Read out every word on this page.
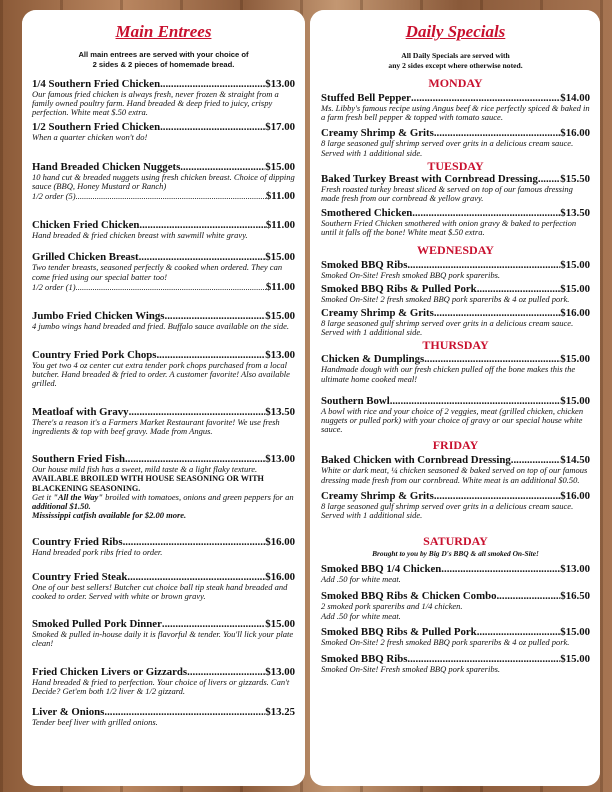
Main Entrees
All main entrees are served with your choice of
2 sides & 2 pieces of homemade bread.
1/4 Southern Fried Chicken .....	$13.00
Our famous fried chicken is always fresh, never frozen & straight from a family owned poultry farm. Hand breaded & deep fried to juicy, crispy perfection. White meat $.50 extra.
1/2 Southern Fried Chicken .....	$17.00
When a quarter chicken won't do!
Hand Breaded Chicken Nuggets .....	$15.00
10 hand cut & breaded nuggets using fresh chicken breast. Choice of dipping sauce (BBQ, Honey Mustard or Ranch)
1/2 order (5) .....	$11.00
Chicken Fried Chicken .....	$11.00
Hand breaded & fried chicken breast with sawmill white gravy.
Grilled Chicken Breast .....	$15.00
Two tender breasts, seasoned perfectly & cooked when ordered. They can come fried using our special batter too!
1/2 order (1) .....	$11.00
Jumbo Fried Chicken Wings .....	$15.00
4 jumbo wings hand breaded and fried. Buffalo sauce available on the side.
Country Fried Pork Chops .....	$13.00
You get two 4 oz center cut extra tender pork chops purchased from a local butcher. Hand breaded & fried to order. A customer favorite! Also available grilled.
Meatloaf with Gravy .....	$13.50
There's a reason it's a Farmers Market Restaurant favorite! We use fresh ingredients & top with beef gravy. Made from Angus.
Southern Fried Fish .....	$13.00
Our house mild fish has a sweet, mild taste & a light flaky texture.
AVAILABLE BROILED WITH HOUSE SEASONING OR WITH BLACKENING SEASONING.
Get it "All the Way" broiled with tomatoes, onions and green peppers for an additional $1.50.
Mississippi catfish available for $2.00 more.
Country Fried Ribs .....	$16.00
Hand breaded pork ribs fried to order.
Country Fried Steak .....	$16.00
One of our best sellers! Butcher cut choice ball tip steak hand breaded and cooked to order. Served with white or brown gravy.
Smoked Pulled Pork Dinner .....	$15.00
Smoked & pulled in-house daily it is flavorful & tender. You'll lick your plate clean!
Fried Chicken Livers or Gizzards .....	$13.00
Hand breaded & fried to perfection. Your choice of livers or gizzards. Can't Decide? Get'em both 1/2 liver & 1/2 gizzard.
Liver & Onions .....	$13.25
Tender beef liver with grilled onions.
Daily Specials
All Daily Specials are served with
any 2 sides except where otherwise noted.
MONDAY
Stuffed Bell Pepper .....	$14.00
Ms. Libby's famous recipe using Angus beef & rice perfectly spiced & baked in a farm fresh bell pepper & topped with tomato sauce.
Creamy Shrimp & Grits .....	$16.00
8 large seasoned gulf shrimp served over grits in a delicious cream sauce. Served with 1 additional side.
TUESDAY
Baked Turkey Breast with Cornbread Dressing ..... $15.50
Fresh roasted turkey breast sliced & served on top of our famous dressing made fresh from our cornbread & yellow gravy.
Smothered Chicken .....	$13.50
Southern Fried Chicken smothered with onion gravy & baked to perfection until it falls off the bone! White meat $.50 extra.
WEDNESDAY
Smoked BBQ Ribs .....	$15.00
Smoked On-Site! Fresh smoked BBQ pork spareribs.
Smoked BBQ Ribs & Pulled Pork .....	$15.00
Smoked On-Site! 2 fresh smoked BBQ pork spareribs & 4 oz pulled pork.
Creamy Shrimp & Grits .....	$16.00
8 large seasoned gulf shrimp served over grits in a delicious cream sauce. Served with 1 additional side.
THURSDAY
Chicken & Dumplings .....	$15.00
Handmade dough with our fresh chicken pulled off the bone makes this the ultimate home cooked meal!
Southern Bowl .....	$15.00
A bowl with rice and your choice of 2 veggies, meat (grilled chicken, chicken nuggets or pulled pork) with your choice of gravy or our special house white sauce.
FRIDAY
Baked Chicken with Cornbread Dressing .....	$14.50
White or dark meat, ¼ chicken seasoned & baked served on top of our famous dressing made fresh from our cornbread. White meat is an additional $0.50.
Creamy Shrimp & Grits .....	$16.00
8 large seasoned gulf shrimp served over grits in a delicious cream sauce. Served with 1 additional side.
SATURDAY
Brought to you by Big D's BBQ & all smoked On-Site!
Smoked BBQ 1/4 Chicken .....	$13.00
Add .50 for white meat.
Smoked BBQ Ribs & Chicken Combo .....	$16.50
2 smoked pork spareribs and 1/4 chicken.
Add .50 for white meat.
Smoked BBQ Ribs & Pulled Pork .....	$15.00
Smoked On-Site! 2 fresh smoked BBQ pork spareribs & 4 oz pulled pork.
Smoked BBQ Ribs .....	$15.00
Smoked On-Site! Fresh smoked BBQ pork spareribs.
